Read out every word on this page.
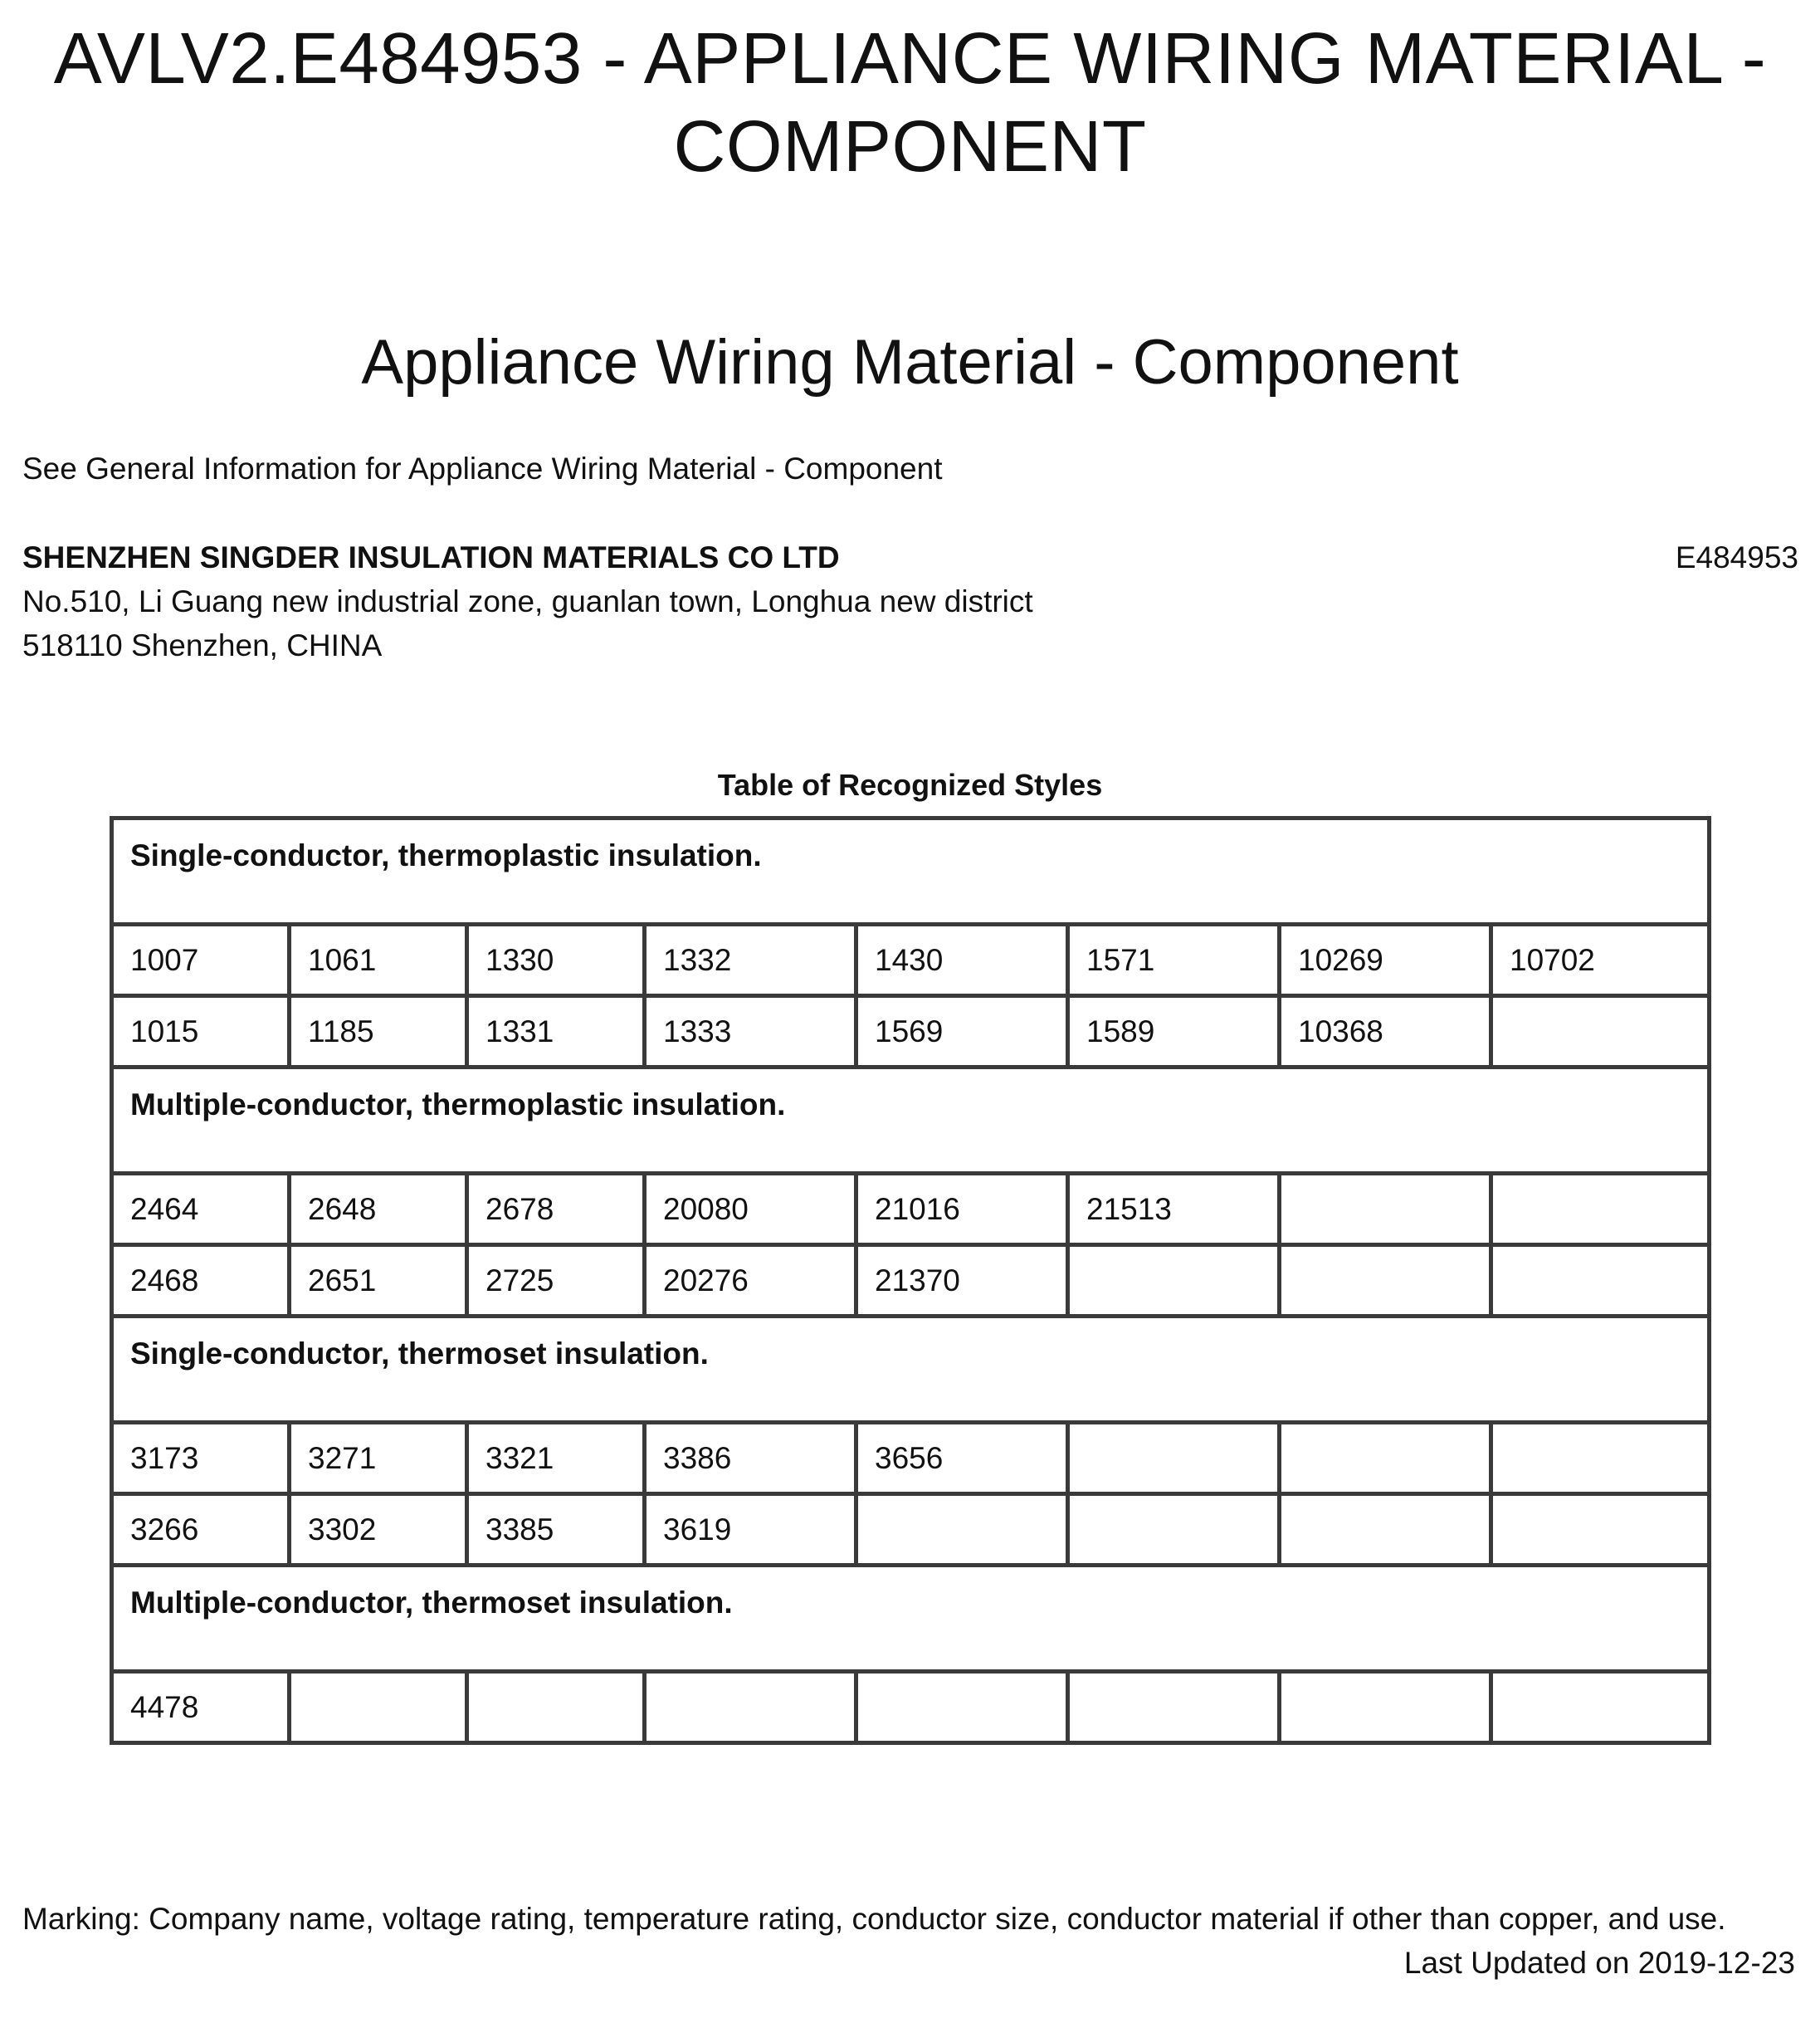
AVLV2.E484953 - APPLIANCE WIRING MATERIAL -
COMPONENT
Appliance Wiring Material - Component
See General Information for Appliance Wiring Material - Component
SHENZHEN SINGDER INSULATION MATERIALS CO LTD	E484953
No.510, Li Guang new industrial zone, guanlan town, Longhua new district
518110 Shenzhen, CHINA
Table of Recognized Styles
Single-conductor, thermoplastic insulation.							
1007	1061	1330	1332	1430	1571	10269	10702
1015	1185	1331	1333	1569	1589	10368	
Multiple-conductor, thermoplastic insulation.							
2464	2648	2678	20080	21016	21513		
2468	2651	2725	20276	21370			
Single-conductor, thermoset insulation.							
3173	3271	3321	3386	3656			
3266	3302	3385	3619				
Multiple-conductor, thermoset insulation.							
4478							
Marking: Company name, voltage rating, temperature rating, conductor size, conductor material if other than copper, and use.
Last Updated on 2019-12-23
